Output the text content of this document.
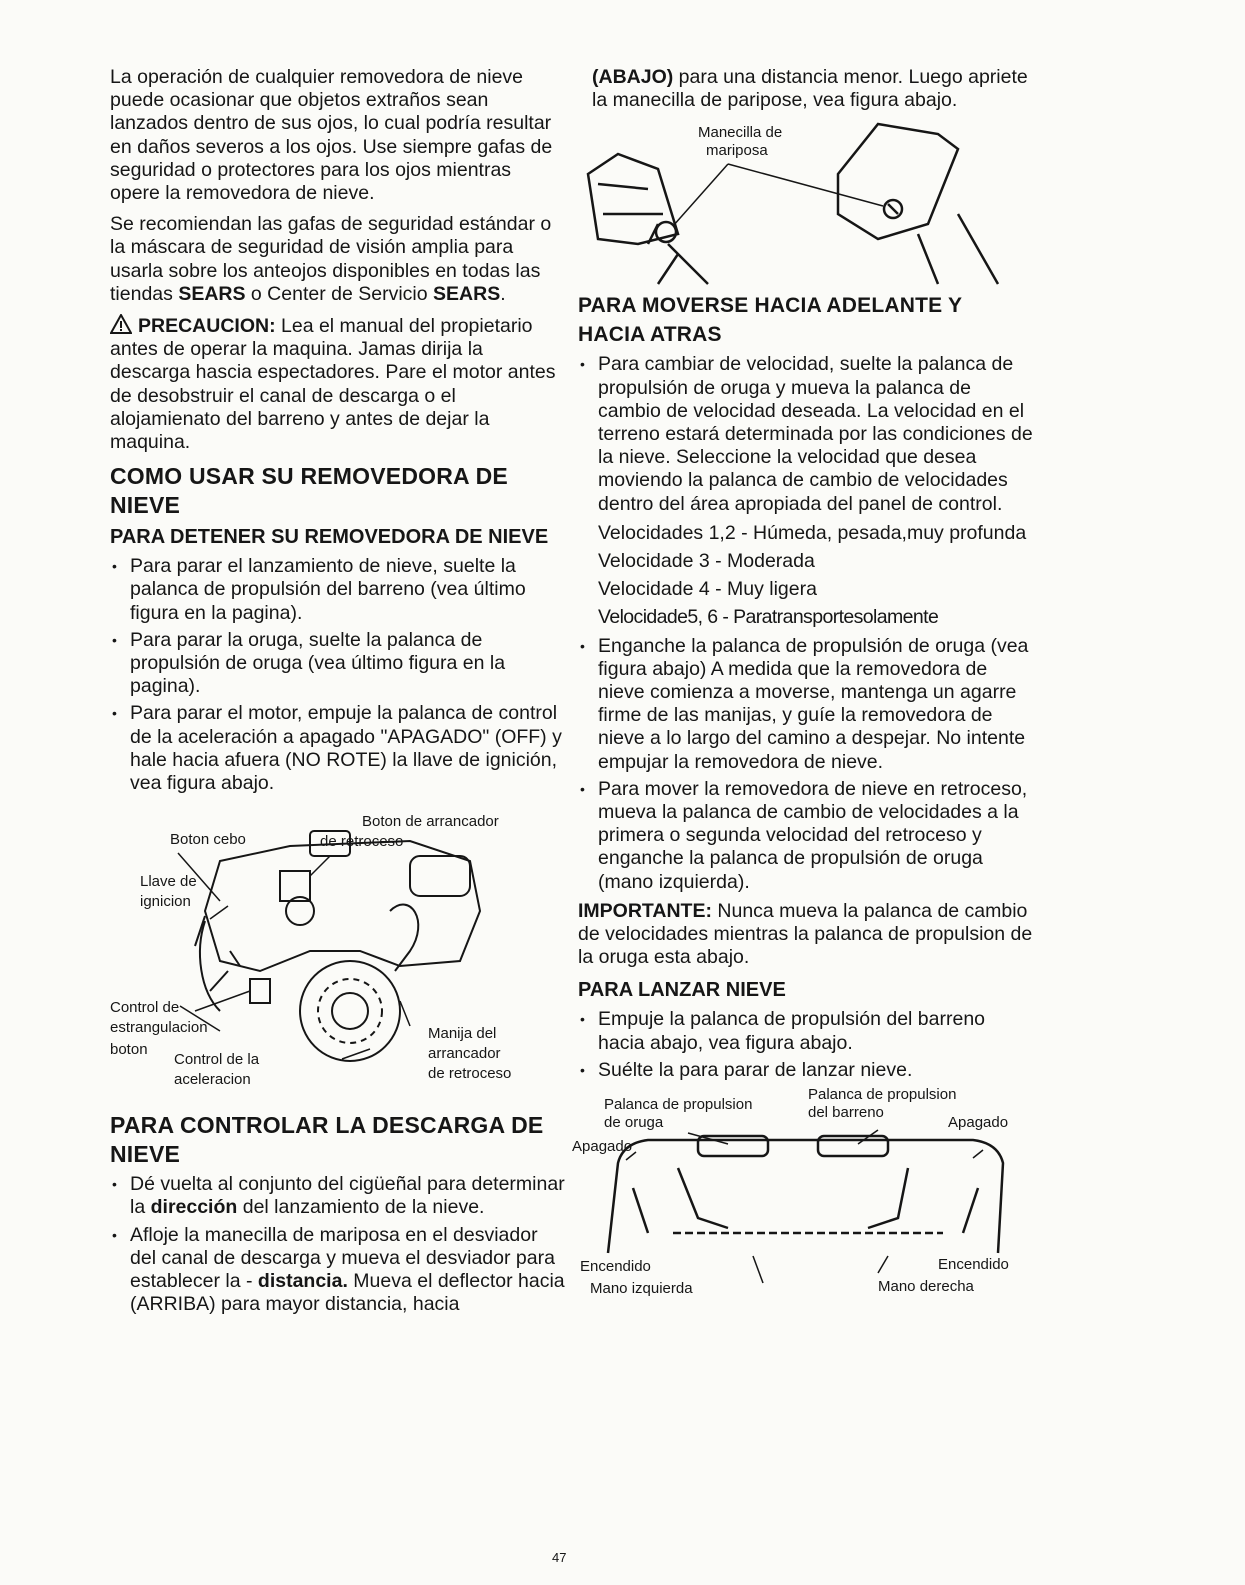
La operación de cualquier removedora de nieve puede ocasionar que objetos extraños sean lanzados dentro de sus ojos, lo cual podría resultar en daños severos a los ojos. Use siempre gafas de seguridad o protectores para los ojos mientras opere la removedora de nieve.

Se recomiendan las gafas de seguridad estándar o la máscara de seguridad de visión amplia para usarla sobre los anteojos disponibles en todas las tiendas SEARS o Center de Servicio SEARS.

PRECAUCION: Lea el manual del propietario antes de operar la maquina. Jamas dirija la descarga hascia espectadores. Pare el motor antes de desobstruir el canal de descarga o el alojamienato del barreno y antes de dejar la maquina.

COMO USAR SU REMOVEDORA DE NIEVE
PARA DETENER SU REMOVEDORA DE NIEVE
• Para parar el lanzamiento de nieve, suelte la palanca de propulsión del barreno (vea último figura en la pagina).
• Para parar la oruga, suelte la palanca de propulsión de oruga (vea último figura en la pagina).
• Para parar el motor, empuje la palanca de control de la aceleración a apagado "APAGADO" (OFF) y hale hacia afuera (NO ROTE) la llave de ignición, vea figura abajo.
Boton de arrancador
de retroceso
Boton cebo
Llave de
ignicion
Control de
estrangulacion
boton
Control de la
aceleracion
Manija del
arrancador
de retroceso
PARA CONTROLAR LA DESCARGA DE NIEVE
• Dé vuelta al conjunto del cigüeñal para determinar la dirección del lanzamiento de la nieve.
• Afloje la manecilla de mariposa en el desviador del canal de descarga y mueva el desviador para establecer la - distancia. Mueva el deflector hacia (ARRIBA) para mayor distancia, hacia

(ABAJO) para una distancia menor. Luego apriete la manecilla de paripose, vea figura abajo.

Manecilla de
mariposa
PARA MOVERSE HACIA ADELANTE Y HACIA ATRAS
• Para cambiar de velocidad, suelte la palanca de propulsión de oruga y mueva la palanca de cambio de velocidad deseada. La velocidad en el terreno estará determinada por las condiciones de la nieve. Seleccione la velocidad que desea moviendo la palanca de cambio de velocidades dentro del área apropiada del panel de control.
Velocidades 1,2 - Húmeda, pesada,muy profunda
Velocidade 3 - Moderada
Velocidade 4 - Muy ligera
Velocidade5, 6 - Paratransportesolamente
• Enganche la palanca de propulsión de oruga (vea figura abajo) A medida que la removedora de nieve comienza a moverse, mantenga un agarre firme de las manijas, y guíe la removedora de nieve a lo largo del camino a despejar. No intente empujar la removedora de nieve.
• Para mover la removedora de nieve en retroceso, mueva la palanca de cambio de velocidades a la primera o segunda velocidad del retroceso y enganche la palanca de propulsión de oruga (mano izquierda).

IMPORTANTE: Nunca mueva la palanca de cambio de velocidades mientras la palanca de propulsion de la oruga esta abajo.

PARA LANZAR NIEVE
• Empuje la palanca de propulsión del barreno hacia abajo, vea figura abajo.
• Suélte la para parar de lanzar nieve.
Palanca de propulsion
de oruga
Palanca de propulsion
del barreno
Apagado
Apagado
Encendido	Encendido
Mano izquierda	Mano derecha
47
